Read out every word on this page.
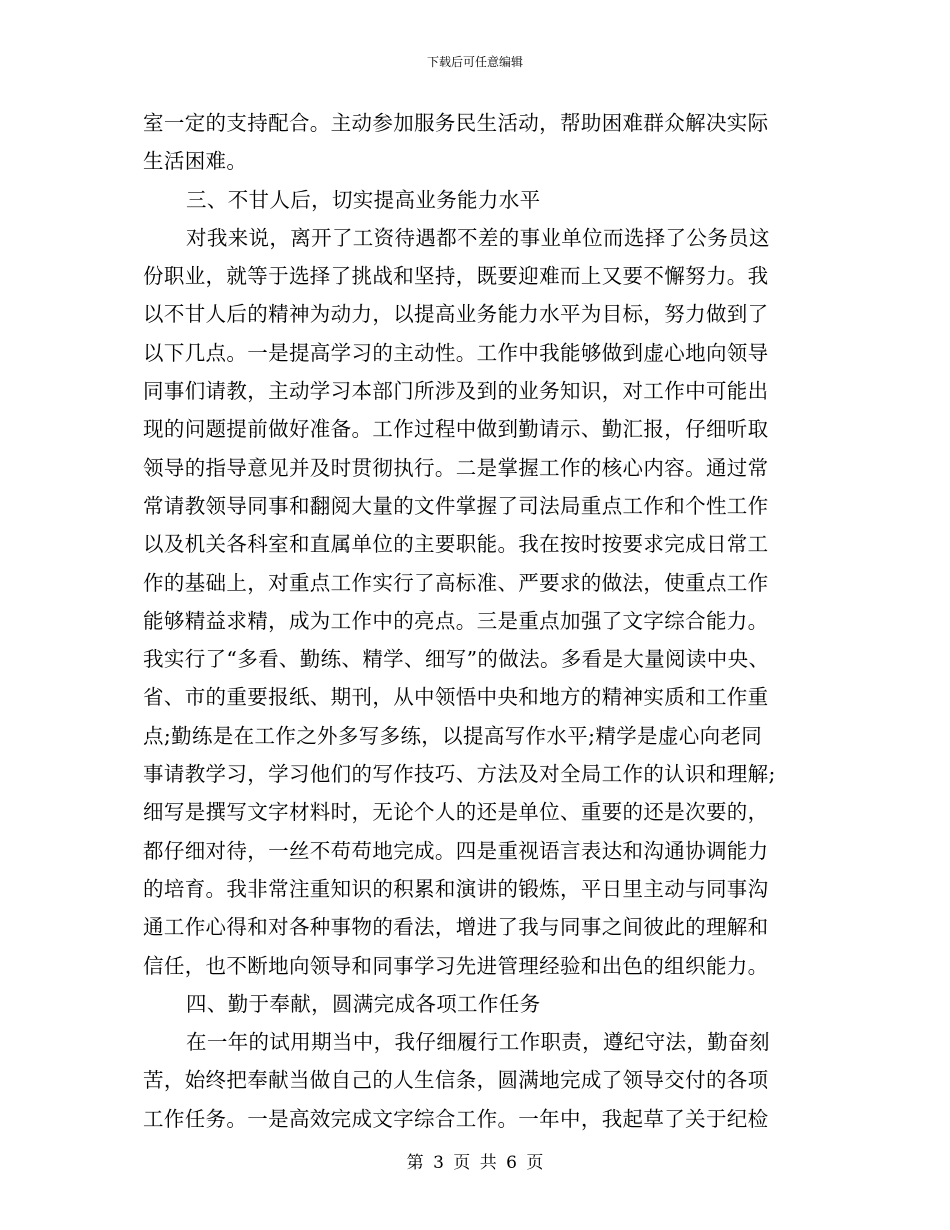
下载后可任意编辑
室一定的支持配合。主动参加服务民生活动，帮助困难群众解决实际
生活困难。
三、不甘人后，切实提高业务能力水平
对我来说，离开了工资待遇都不差的事业单位而选择了公务员这
份职业，就等于选择了挑战和坚持，既要迎难而上又要不懈努力。我
以不甘人后的精神为动力，以提高业务能力水平为目标，努力做到了
以下几点。一是提高学习的主动性。工作中我能够做到虚心地向领导
同事们请教，主动学习本部门所涉及到的业务知识，对工作中可能出
现的问题提前做好准备。工作过程中做到勤请示、勤汇报，仔细听取
领导的指导意见并及时贯彻执行。二是掌握工作的核心内容。通过常
常请教领导同事和翻阅大量的文件掌握了司法局重点工作和个性工作
以及机关各科室和直属单位的主要职能。我在按时按要求完成日常工
作的基础上，对重点工作实行了高标准、严要求的做法，使重点工作
能够精益求精，成为工作中的亮点。三是重点加强了文字综合能力。
我实行了“多看、勤练、精学、细写”的做法。多看是大量阅读中央、
省、市的重要报纸、期刊，从中领悟中央和地方的精神实质和工作重
点;勤练是在工作之外多写多练，以提高写作水平;精学是虚心向老同
事请教学习，学习他们的写作技巧、方法及对全局工作的认识和理解;
细写是撰写文字材料时，无论个人的还是单位、重要的还是次要的，
都仔细对待，一丝不苟苟地完成。四是重视语言表达和沟通协调能力
的培育。我非常注重知识的积累和演讲的锻炼，平日里主动与同事沟
通工作心得和对各种事物的看法，增进了我与同事之间彼此的理解和
信任，也不断地向领导和同事学习先进管理经验和出色的组织能力。
四、勤于奉献，圆满完成各项工作任务
在一年的试用期当中，我仔细履行工作职责，遵纪守法，勤奋刻
苦，始终把奉献当做自己的人生信条，圆满地完成了领导交付的各项
工作任务。一是高效完成文字综合工作。一年中，我起草了关于纪检
第 3 页 共 6 页
